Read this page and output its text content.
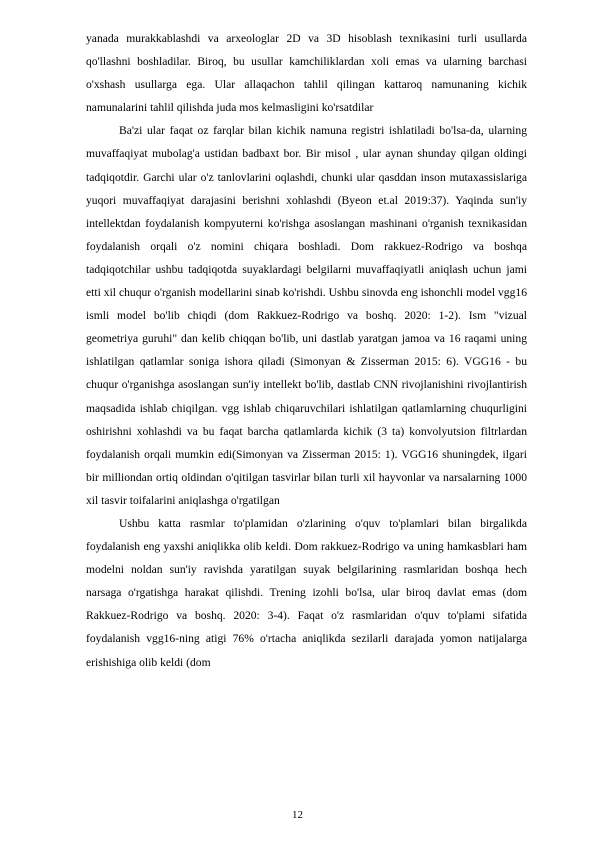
yanada murakkablashdi va arxeologlar 2D va 3D hisoblash texnikasini turli usullarda qo'llashni boshladilar. Biroq, bu usullar kamchiliklardan xoli emas va ularning barchasi o'xshash usullarga ega. Ular allaqachon tahlil qilingan kattaroq namunaning kichik namunalarini tahlil qilishda juda mos kelmasligini ko'rsatdilar

Ba'zi ular faqat oz farqlar bilan kichik namuna registri ishlatiladi bo'lsa-da, ularning muvaffaqiyat mubolag'a ustidan badbaxt bor. Bir misol , ular aynan shunday qilgan oldingi tadqiqotdir. Garchi ular o'z tanlovlarini oqlashdi, chunki ular qasddan inson mutaxassislariga yuqori muvaffaqiyat darajasini berishni xohlashdi (Byeon et.al 2019:37). Yaqinda sun'iy intellektdan foydalanish kompyuterni ko'rishga asoslangan mashinani o'rganish texnikasidan foydalanish orqali o'z nomini chiqara boshladi. Dom rakkuez-Rodrigo va boshqa tadqiqotchilar ushbu tadqiqotda suyaklardagi belgilarni muvaffaqiyatli aniqlash uchun jami etti xil chuqur o'rganish modellarini sinab ko'rishdi. Ushbu sinovda eng ishonchli model vgg16 ismli model bo'lib chiqdi (dom Rakkuez-Rodrigo va boshq. 2020: 1-2). Ism "vizual geometriya guruhi" dan kelib chiqqan bo'lib, uni dastlab yaratgan jamoa va 16 raqami uning ishlatilgan qatlamlar soniga ishora qiladi (Simonyan & Zisserman 2015: 6). VGG16 - bu chuqur o'rganishga asoslangan sun'iy intellekt bo'lib, dastlab CNN rivojlanishini rivojlantirish maqsadida ishlab chiqilgan. vgg ishlab chiqaruvchilari ishlatilgan qatlamlarning chuqurligini oshirishni xohlashdi va bu faqat barcha qatlamlarda kichik (3 ta) konvolyutsion filtrlardan foydalanish orqali mumkin edi(Simonyan va Zisserman 2015: 1). VGG16 shuningdek, ilgari bir milliondan ortiq oldindan o'qitilgan tasvirlar bilan turli xil hayvonlar va narsalarning 1000 xil tasvir toifalarini aniqlashga o'rgatilgan

Ushbu katta rasmlar to'plamidan o'zlarining o'quv to'plamlari bilan birgalikda foydalanish eng yaxshi aniqlikka olib keldi. Dom rakkuez-Rodrigo va uning hamkasblari ham modelni noldan sun'iy ravishda yaratilgan suyak belgilarining rasmlaridan boshqa hech narsaga o'rgatishga harakat qilishdi. Trening izohli bo'lsa, ular biroq davlat emas (dom Rakkuez-Rodrigo va boshq. 2020: 3-4). Faqat o'z rasmlaridan o'quv to'plami sifatida foydalanish vgg16-ning atigi 76% o'rtacha aniqlikda sezilarli darajada yomon natijalarga erishishiga olib keldi (dom

12
